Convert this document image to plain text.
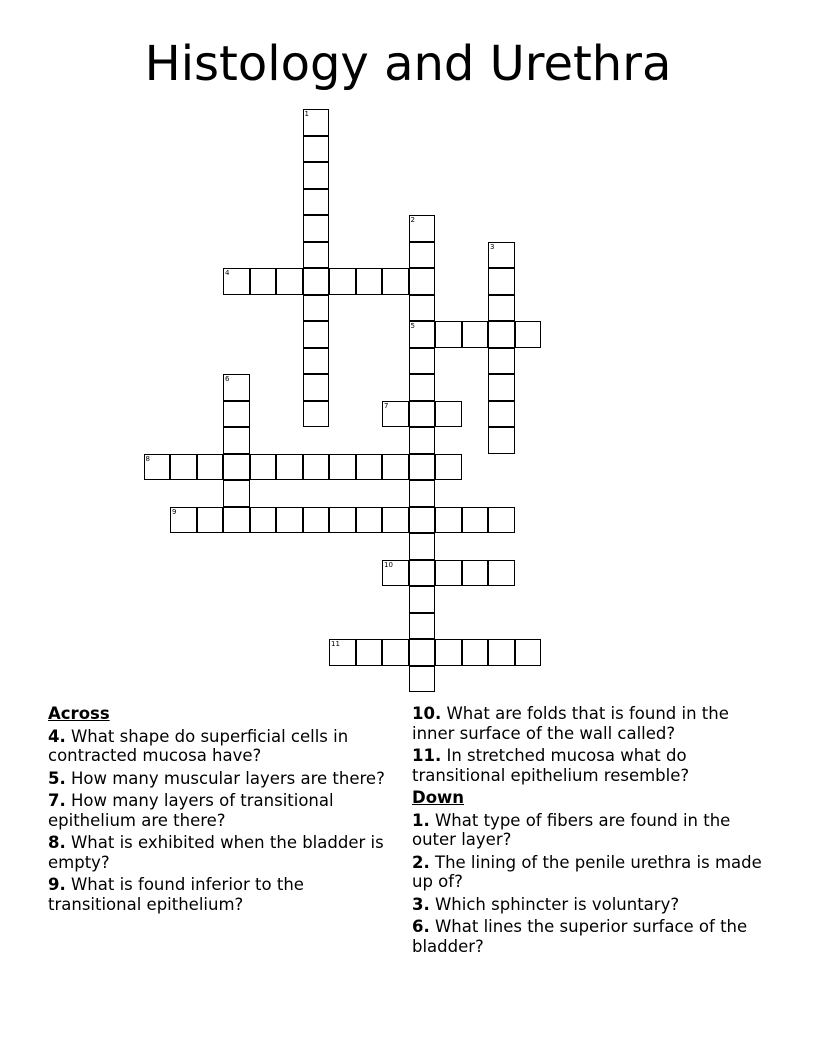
Histology and Urethra
1
2
5
3
4
6
7
8
9
10
11
Across
4. What shape do superficial cells in contracted mucosa have?
5. How many muscular layers are there?
7. How many layers of transitional epithelium are there?
8. What is exhibited when the bladder is empty?
9. What is found inferior to the transitional epithelium?
10. What are folds that is found in the inner surface of the wall called?
11. In stretched mucosa what do transitional epithelium resemble?
Down
1. What type of fibers are found in the outer layer?
2. The lining of the penile urethra is made up of?
3. Which sphincter is voluntary?
6. What lines the superior surface of the bladder?
